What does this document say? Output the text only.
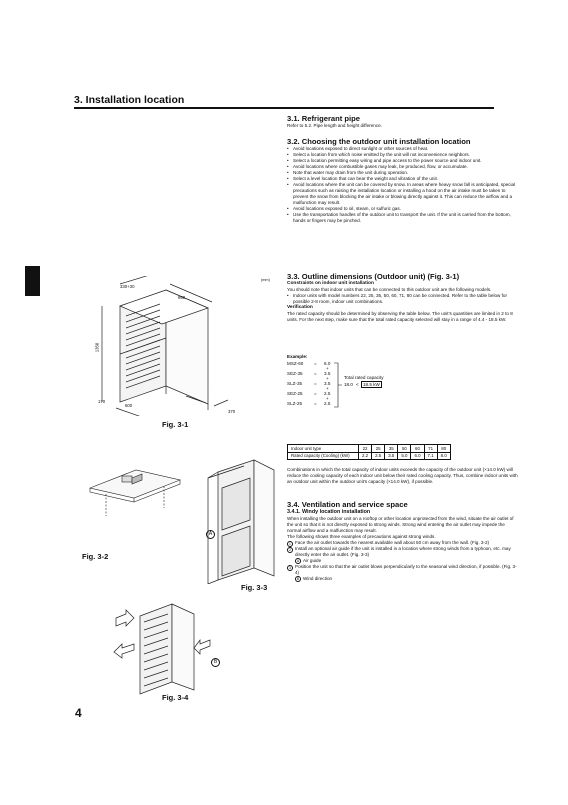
3. Installation location
4
(mm)

3.1. Refrigerant pipe

Refer to 5.2. Pipe length and height difference.

3.2. Choosing the outdoor unit installation location

• Avoid locations exposed to direct sunlight or other sources of heat.
• Select a location from which noise emitted by the unit will not inconvenience neighbors.
• Select a location permitting easy wiring and pipe access to the power source and indoor unit.
• Avoid locations where combustible gases may leak, be produced, flow, or accumulate.
• Note that water may drain from the unit during operation.
• Select a level location that can bear the weight and vibration of the unit.
• Avoid locations where the unit can be covered by snow. In areas where heavy snow fall is anticipated, special precautions such as raising the installation location or installing a hood on the air intake must be taken to prevent the snow from blocking the air intake or blowing directly against it. This can reduce the airflow and a malfunction may result.
• Avoid locations exposed to oil, steam, or sulfuric gas.
• Use the transportation handles of the outdoor unit to transport the unit. If the unit is carried from the bottom, hands or fingers may be pinched.

3.3. Outline dimensions (Outdoor unit) (Fig. 3-1)

Constraints on indoor unit installation

You should note that indoor units that can be connected to this outdoor unit are the following models.

• Indoor units with model numbers 22, 25, 35, 50, 60, 71, 80 can be connected. Refer to the table below for possible 2-8 room, indoor unit combinations.

Verification

The rated capacity should be determined by observing the table below. The unit's quantities are limited in 2 to 8 units. For the next step, make sure that the total rated capacity selected will stay in a range of 4.4 - 18.5 kW.

Example:
MSZ-60 = 6.0
+
SEZ-35 = 3.5
+
SLZ-35	= 3.5
+
SEZ-25 = 2.5
+
SLZ-25	= 2.5
Total rated capacity
18.0 < 18.5 kW
Indoor unit type	22	25	35	50	60	71	80
Rated capacity (Cooling) (kW)	2.2	2.5	3.5	5.0	6.0	7.1	8.0

Combinations in which the total capacity of indoor units exceeds the capacity of the outdoor unit (×14.0 kW) will reduce the cooling capacity of each indoor unit below their rated cooling capacity. Thus, combine indoor units with an outdoor unit within the outdoor unit's capacity (×14.0 kW), if possible.

3.4. Ventilation and service space

3.4.1. Windy location installation

When installing the outdoor unit on a rooftop or other location unprotected from the wind, situate the air outlet of the unit so that it is not directly exposed to strong winds. Strong wind entering the air outlet may impede the normal airflow and a malfunction may result.

The following shows three examples of precautions against strong winds.

1 Face the air outlet towards the nearest available wall about 50 cm away from the wall. (Fig. 3-2)
2 Install an optional air guide if the unit is installed in a location where strong winds from a typhoon, etc. may directly enter the air outlet. (Fig. 3-3)
A Air guide
3 Position the unit so that the air outlet blows perpendicularly to the seasonal wind direction, if possible. (Fig. 3-4)
B Wind direction
330+30
950
1350
170
600
370
Fig. 3-1
Fig. 3-2
A
Fig. 3-3
B
Fig. 3-4
